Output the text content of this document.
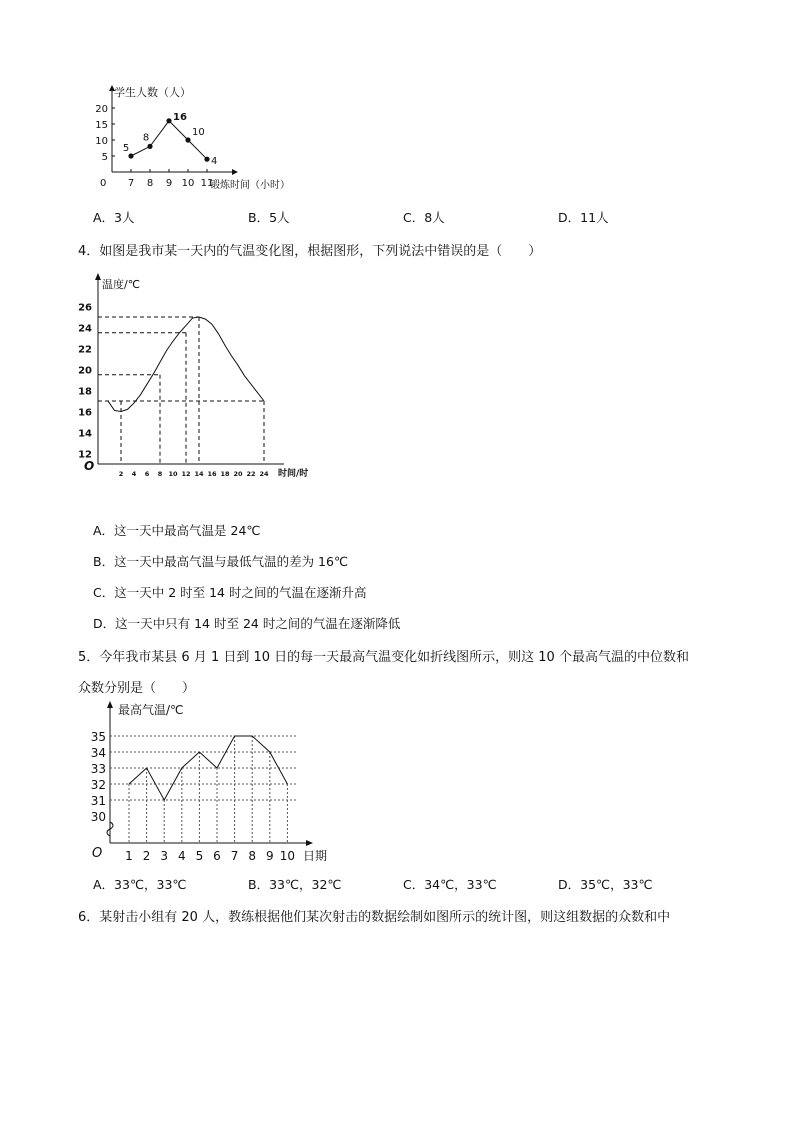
学生人数（人）
锻炼时间（小时）
0
5
10
15
20
7 8 9 10 11
5
8
16
10
4
A．3人	B．5人	C．8人	D．11人
4．如图是我市某一天内的气温变化图，根据图形，下列说法中错误的是（　　）
温度/℃
时间/时
O
26
24
22
20
18
16
14
12
2 4 6 8 10 12 14 16 18 20 22 24
A．这一天中最高气温是 24℃
B．这一天中最高气温与最低气温的差为 16℃
C．这一天中 2 时至 14 时之间的气温在逐渐升高
D．这一天中只有 14 时至 24 时之间的气温在逐渐降低
5．今年我市某县 6 月 1 日到 10 日的每一天最高气温变化如折线图所示，则这 10 个最高气温的中位数和
众数分别是（　　）
最高气温/℃
日期
O
30
31
32
33
34
35
1 2 3 4 5 6 7 8 9 10
A．33℃，33℃	B．33℃，32℃	C．34℃，33℃	D．35℃，33℃
6．某射击小组有 20 人，教练根据他们某次射击的数据绘制如图所示的统计图，则这组数据的众数和中
